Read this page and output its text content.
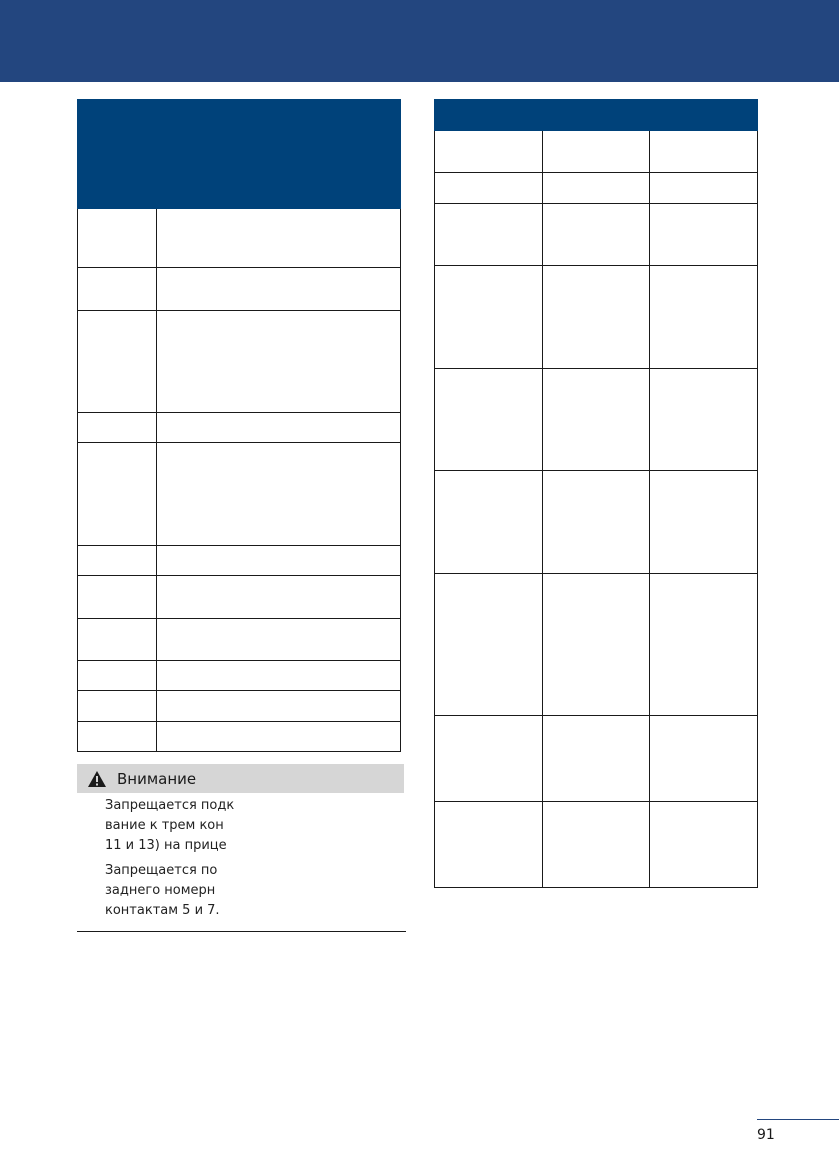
Внимание

Запрещается подк
вание к трем кон
11 и 13) на прице

Запрещается по
заднего номерн
контактам 5 и 7.

91
